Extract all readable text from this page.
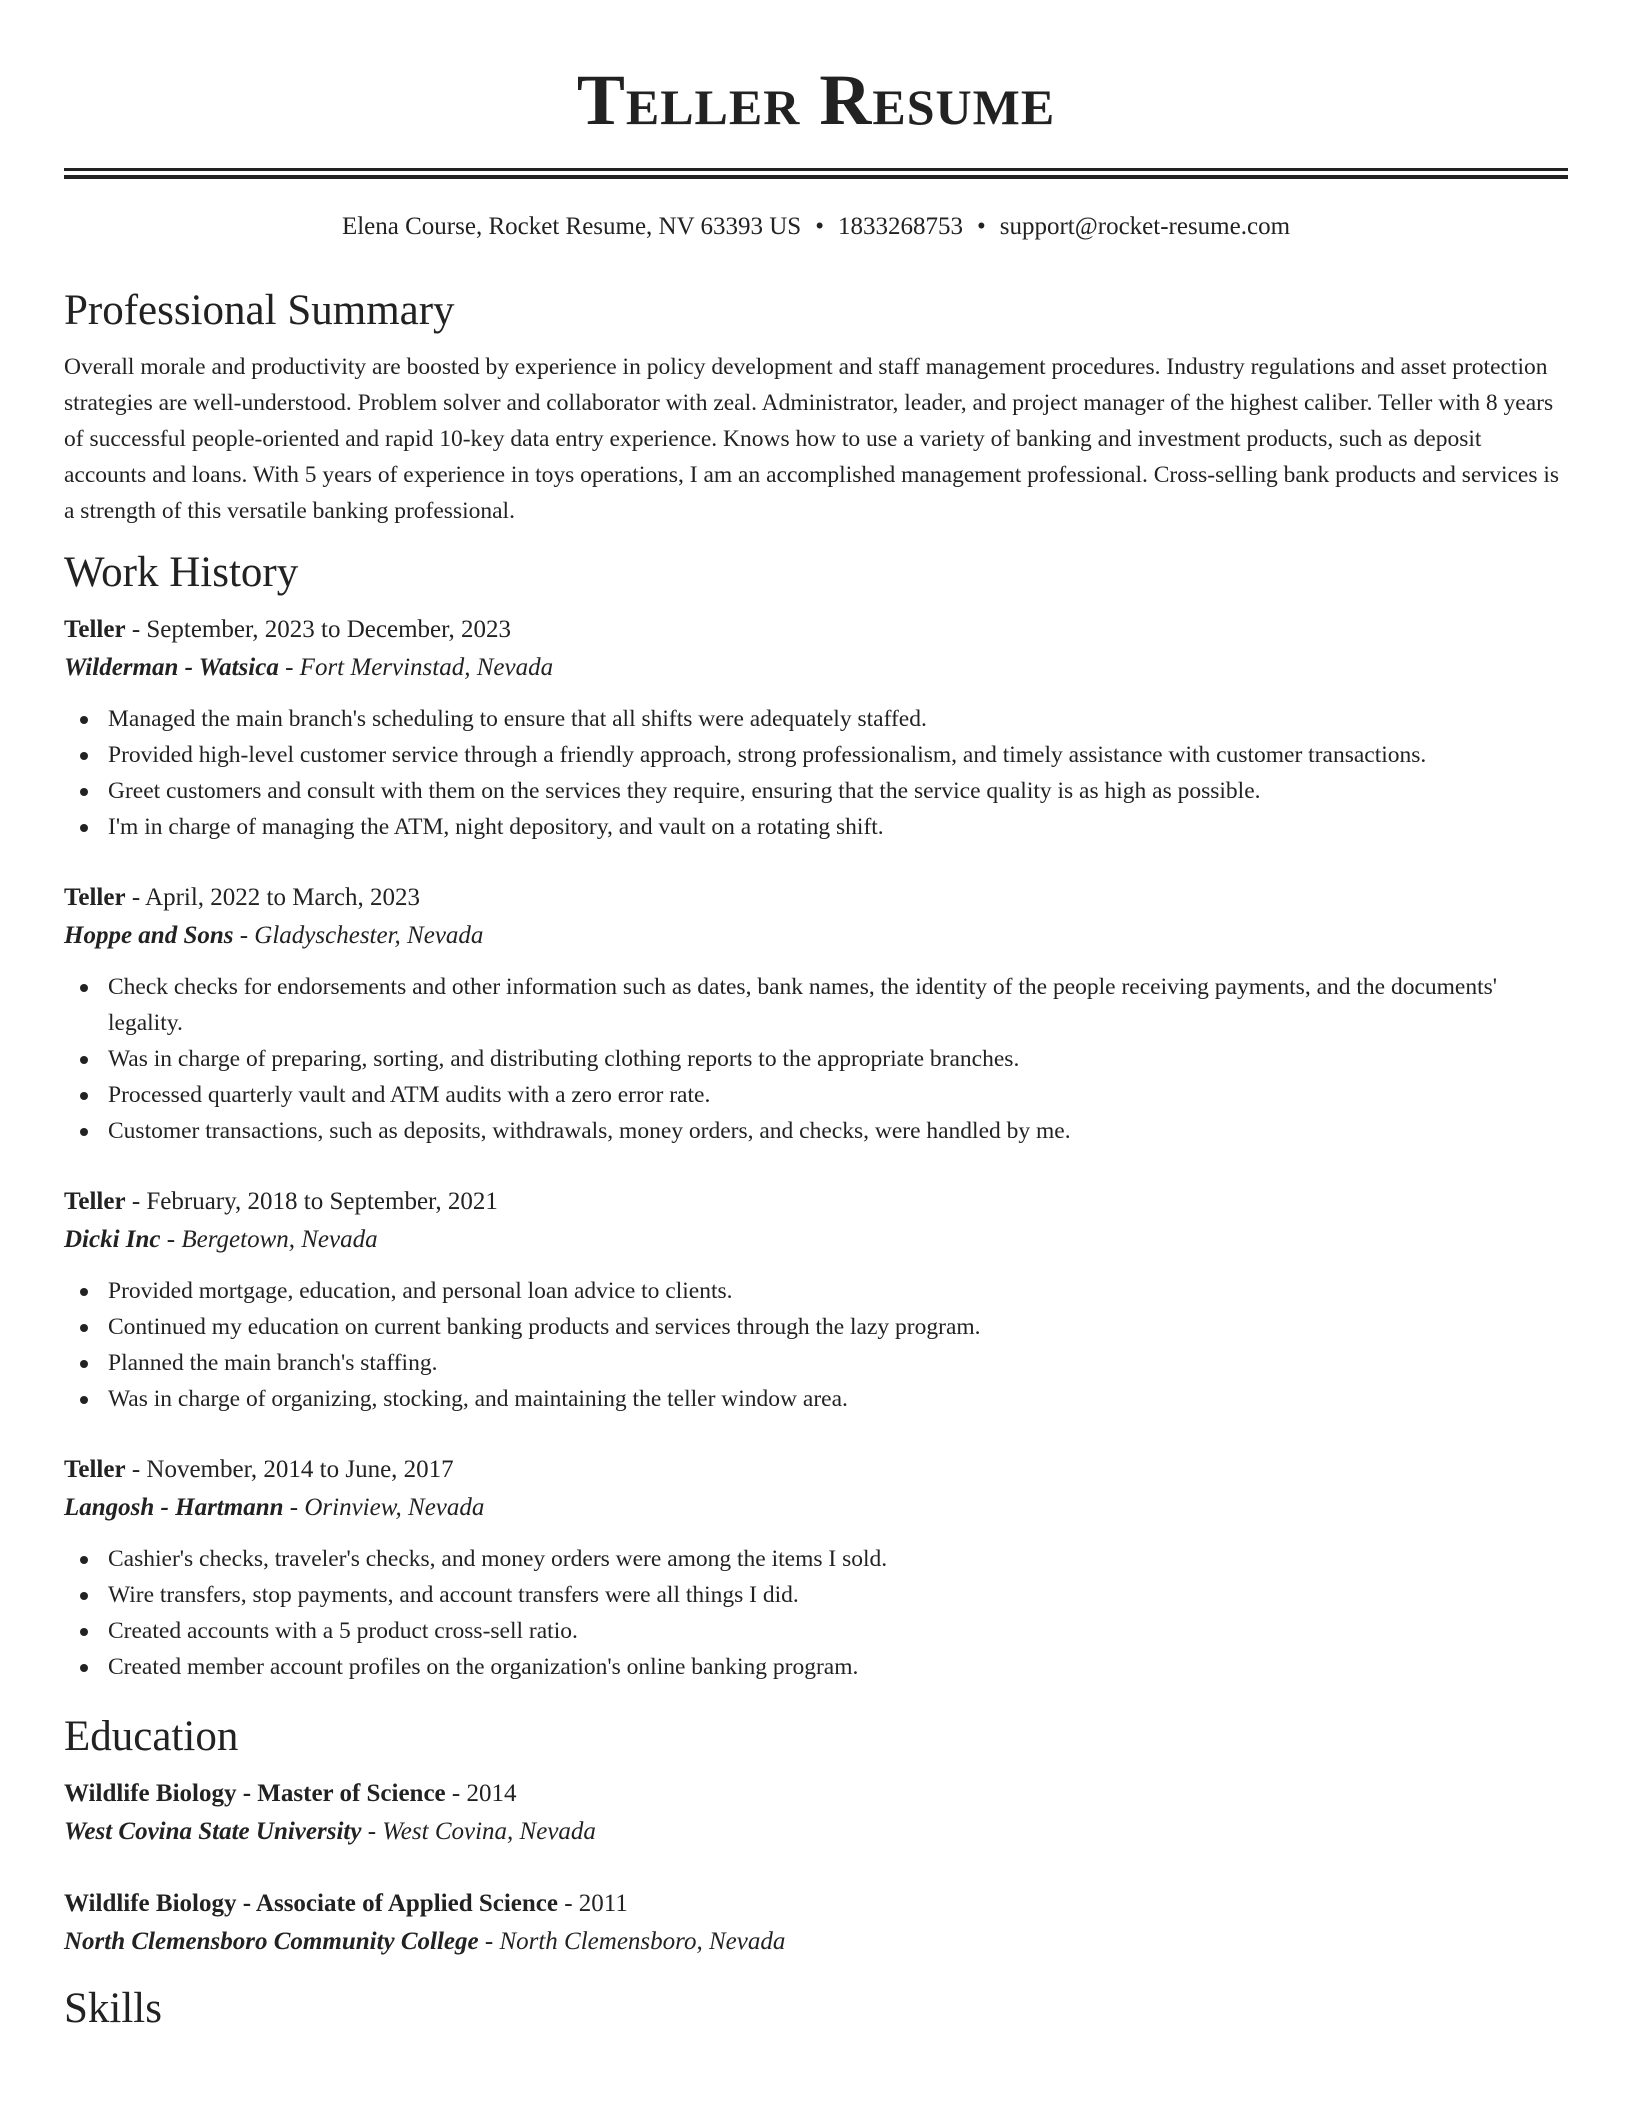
Teller Resume
Elena Course, Rocket Resume, NV 63393 US • 1833268753 • support@rocket-resume.com
Professional Summary

Overall morale and productivity are boosted by experience in policy development and staff management procedures. Industry regulations and asset protection strategies are well-understood. Problem solver and collaborator with zeal. Administrator, leader, and project manager of the highest caliber. Teller with 8 years of successful people-oriented and rapid 10-key data entry experience. Knows how to use a variety of banking and investment products, such as deposit accounts and loans. With 5 years of experience in toys operations, I am an accomplished management professional. Cross-selling bank products and services is a strength of this versatile banking professional.

Work History
Teller - September, 2023 to December, 2023
Wilderman - Watsica - Fort Mervinstad, Nevada
Managed the main branch's scheduling to ensure that all shifts were adequately staffed.
Provided high-level customer service through a friendly approach, strong professionalism, and timely assistance with customer transactions.
Greet customers and consult with them on the services they require, ensuring that the service quality is as high as possible.
I'm in charge of managing the ATM, night depository, and vault on a rotating shift.
Teller - April, 2022 to March, 2023
Hoppe and Sons - Gladyschester, Nevada
Check checks for endorsements and other information such as dates, bank names, the identity of the people receiving payments, and the documents' legality.
Was in charge of preparing, sorting, and distributing clothing reports to the appropriate branches.
Processed quarterly vault and ATM audits with a zero error rate.
Customer transactions, such as deposits, withdrawals, money orders, and checks, were handled by me.
Teller - February, 2018 to September, 2021
Dicki Inc - Bergetown, Nevada
Provided mortgage, education, and personal loan advice to clients.
Continued my education on current banking products and services through the lazy program.
Planned the main branch's staffing.
Was in charge of organizing, stocking, and maintaining the teller window area.
Teller - November, 2014 to June, 2017
Langosh - Hartmann - Orinview, Nevada
Cashier's checks, traveler's checks, and money orders were among the items I sold.
Wire transfers, stop payments, and account transfers were all things I did.
Created accounts with a 5 product cross-sell ratio.
Created member account profiles on the organization's online banking program.
Education
Wildlife Biology - Master of Science - 2014
West Covina State University - West Covina, Nevada
Wildlife Biology - Associate of Applied Science - 2011
North Clemensboro Community College - North Clemensboro, Nevada
Skills
